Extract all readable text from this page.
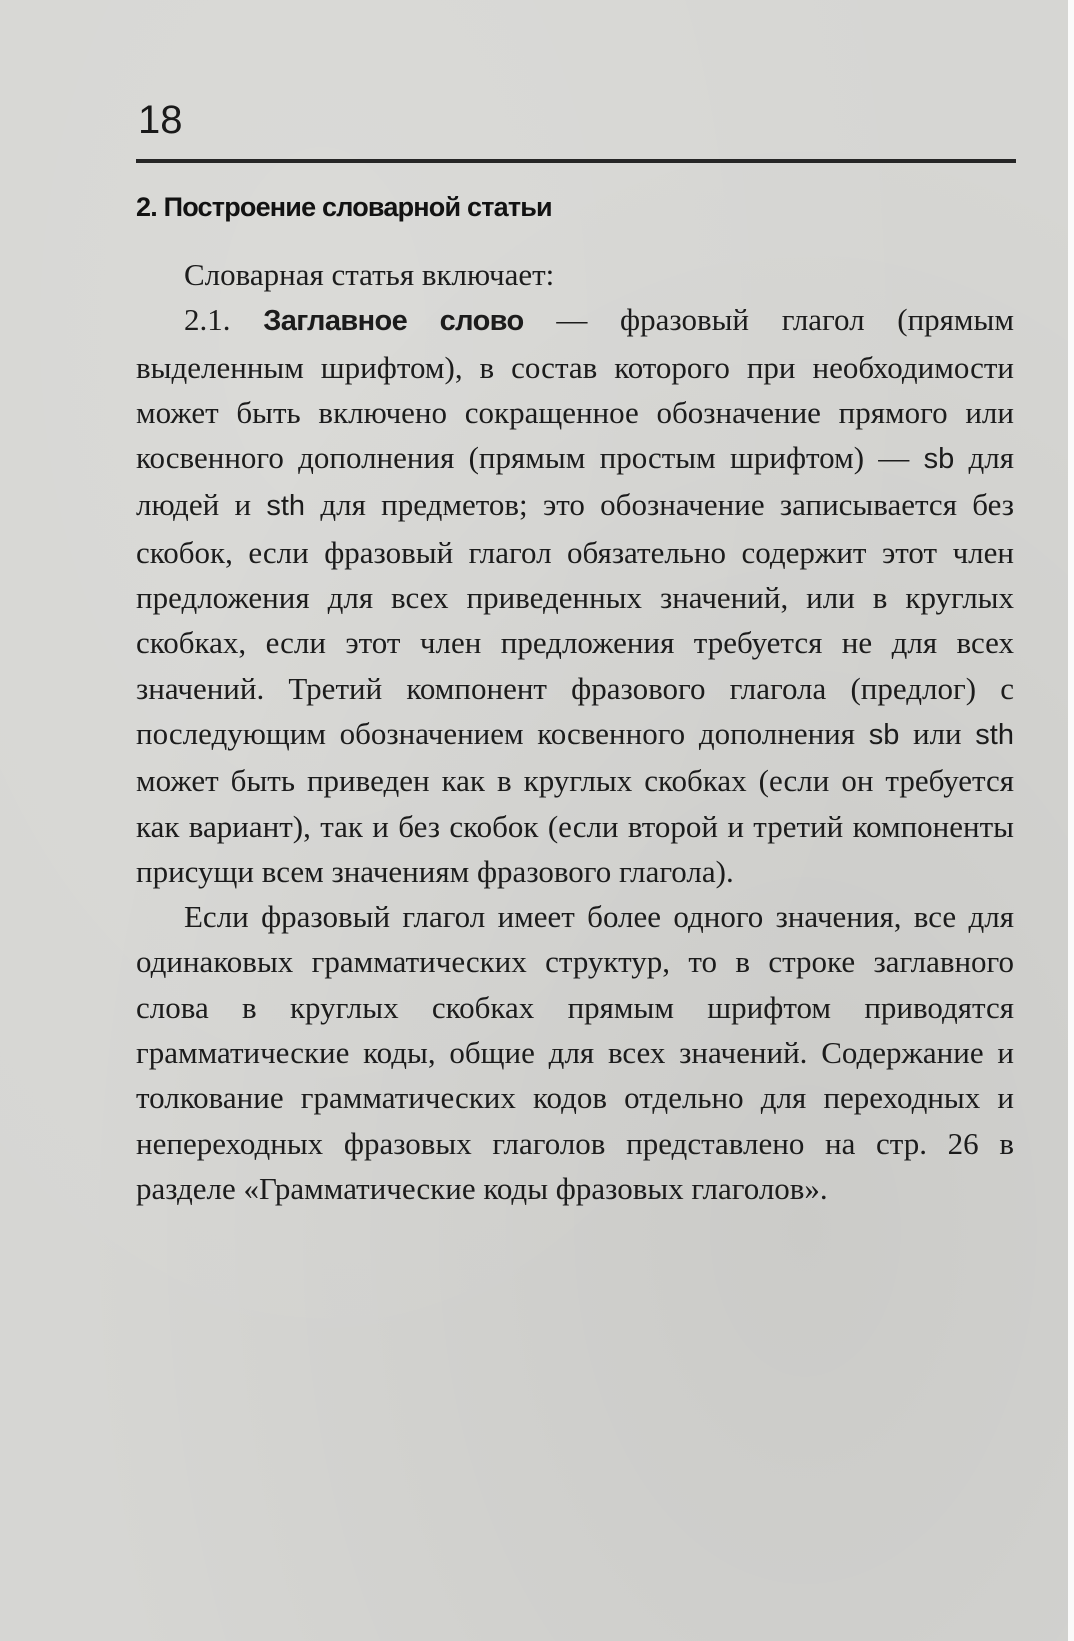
18
2. Построение словарной статьи

Словарная статья включает:

2.1. Заглавное слово — фразовый глагол (прямым выделенным шрифтом), в состав которого при необходимости может быть включено сокращенное обозначение прямого или косвенного дополнения (прямым простым шрифтом) — sb для людей и sth для предметов; это обозначение записывается без скобок, если фразовый глагол обязательно содержит этот член предложения для всех приведенных значений, или в круглых скобках, если этот член предложения требуется не для всех значений. Третий компонент фразового глагола (предлог) с последующим обозначением косвенного дополнения sb или sth может быть приведен как в круглых скобках (если он требуется как вариант), так и без скобок (если второй и третий компоненты присущи всем значениям фразового глагола).

Если фразовый глагол имеет более одного значения, все для одинаковых грамматических структур, то в строке заглавного слова в круглых скобках прямым шрифтом приводятся грамматические коды, общие для всех значений. Содержание и толкование грамматических кодов отдельно для переходных и непереходных фразовых глаголов представлено на стр. 26 в разделе «Грамматические коды фразовых глаголов».
